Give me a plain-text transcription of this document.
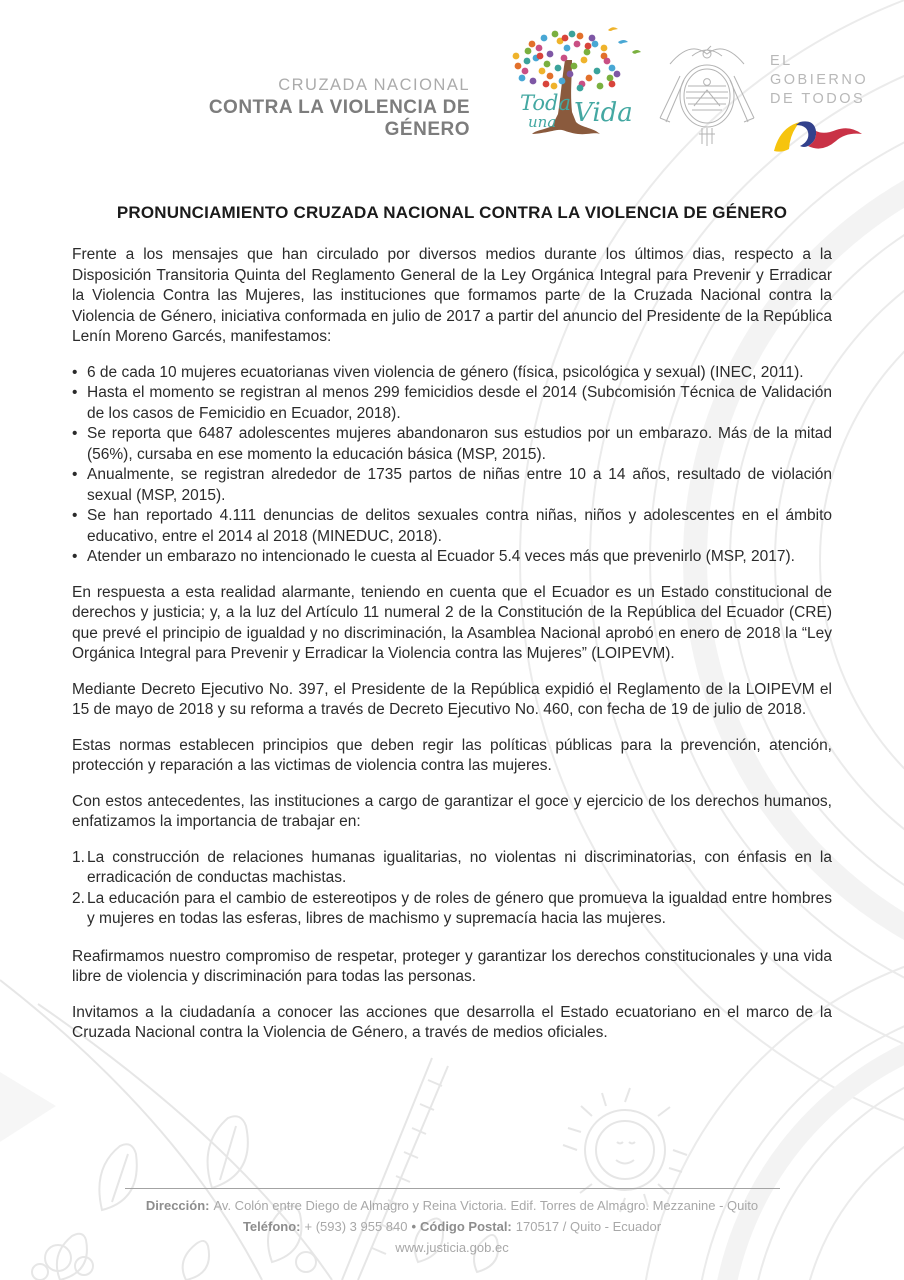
CRUZADA NACIONAL
CONTRA LA VIOLENCIA DE GÉNERO
Toda
una Vida
EL
GOBIERNO
DE TODOS
PRONUNCIAMIENTO CRUZADA NACIONAL CONTRA LA VIOLENCIA DE GÉNERO

Frente a los mensajes que han circulado por diversos medios durante los últimos dias, respecto a la Disposición Transitoria Quinta del Reglamento General de la Ley Orgánica Integral para Prevenir y Erradicar la Violencia Contra las Mujeres, las instituciones que formamos parte de la Cruzada Nacional contra la Violencia de Género, iniciativa conformada en julio de 2017 a partir del anuncio del Presidente de la República Lenín Moreno Garcés, manifestamos:

• 6 de cada 10 mujeres ecuatorianas viven violencia de género (física, psicológica y sexual) (INEC, 2011).
• Hasta el momento se registran al menos 299 femicidios desde el 2014 (Subcomisión Técnica de Validación de los casos de Femicidio en Ecuador, 2018).
• Se reporta que 6487 adolescentes mujeres abandonaron sus estudios por un embarazo. Más de la mitad (56%), cursaba en ese momento la educación básica (MSP, 2015).
• Anualmente, se registran alrededor de 1735 partos de niñas entre 10 a 14 años, resultado de violación sexual (MSP, 2015).
• Se han reportado 4.111 denuncias de delitos sexuales contra niñas, niños y adolescentes en el ámbito educativo, entre el 2014 al 2018 (MINEDUC, 2018).
• Atender un embarazo no intencionado le cuesta al Ecuador 5.4 veces más que prevenirlo (MSP, 2017).

En respuesta a esta realidad alarmante, teniendo en cuenta que el Ecuador es un Estado constitucional de derechos y justicia; y, a la luz del Artículo 11 numeral 2 de la Constitución de la República del Ecuador (CRE) que prevé el principio de igualdad y no discriminación, la Asamblea Nacional aprobó en enero de 2018 la “Ley Orgánica Integral para Prevenir y Erradicar la Violencia contra las Mujeres” (LOIPEVM).

Mediante Decreto Ejecutivo No. 397, el Presidente de la República expidió el Reglamento de la LOIPEVM el 15 de mayo de 2018 y su reforma a través de Decreto Ejecutivo No. 460, con fecha de 19 de julio de 2018.

Estas normas establecen principios que deben regir las políticas públicas para la prevención, atención, protección y reparación a las victimas de violencia contra las mujeres.

Con estos antecedentes, las instituciones a cargo de garantizar el goce y ejercicio de los derechos humanos, enfatizamos la importancia de trabajar en:

1. La construcción de relaciones humanas igualitarias, no violentas ni discriminatorias, con énfasis en la erradicación de conductas machistas.
2. La educación para el cambio de estereotipos y de roles de género que promueva la igualdad entre hombres y mujeres en todas las esferas, libres de machismo y supremacía hacia las mujeres.

Reafirmamos nuestro compromiso de respetar, proteger y garantizar los derechos constitucionales y una vida libre de violencia y discriminación para todas las personas.

Invitamos a la ciudadanía a conocer las acciones que desarrolla el Estado ecuatoriano en el marco de la Cruzada Nacional contra la Violencia de Género, a través de medios oficiales.

Dirección: Av. Colón entre Diego de Almagro y Reina Victoria. Edif. Torres de Almagro. Mezzanine - Quito
Teléfono: + (593) 3 955 840 • Código Postal: 170517 / Quito - Ecuador
www.justicia.gob.ec
